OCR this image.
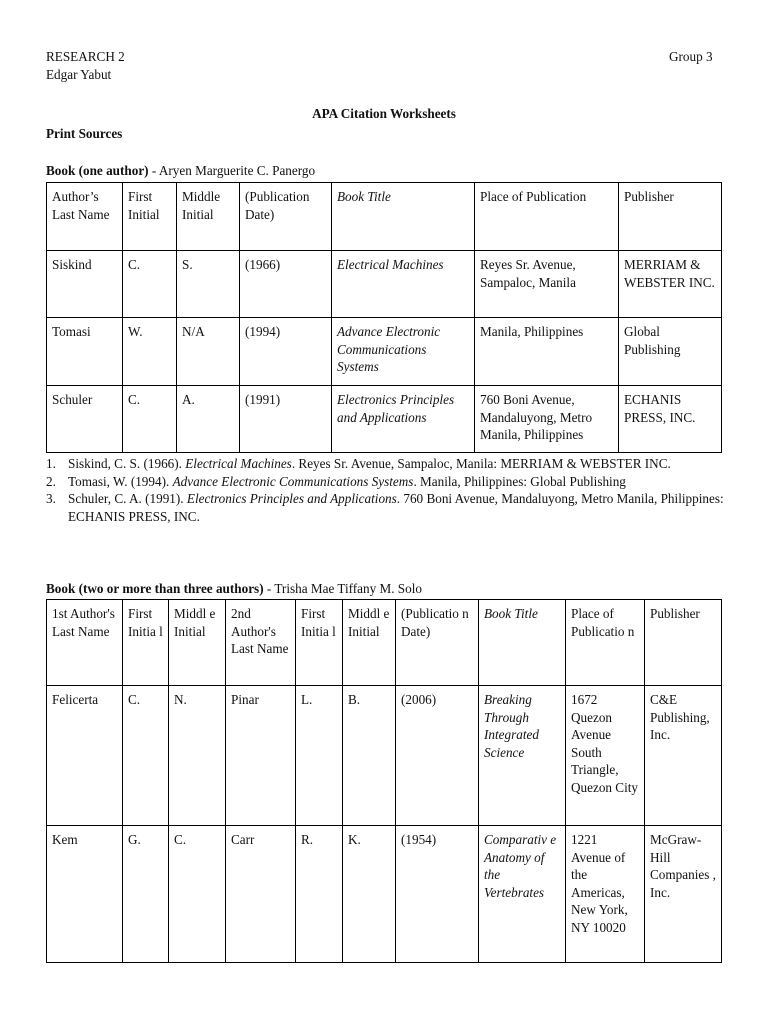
RESEARCH 2
Edgar Yabut
Group 3
APA Citation Worksheets
Print Sources
Book (one author) - Aryen Marguerite C. Panergo
Author’s Last Name	First Initial	Middle Initial	(Publication Date)	Book Title	Place of Publication	Publisher
Siskind	C.	S.	(1966)	Electrical Machines	Reyes Sr. Avenue, Sampaloc, Manila	MERRIAM & WEBSTER INC.
Tomasi	W.	N/A	(1994)	Advance Electronic Communications Systems	Manila, Philippines	Global Publishing
Schuler	C.	A.	(1991)	Electronics Principles and Applications	760 Boni Avenue, Mandaluyong, Metro Manila, Philippines	ECHANIS PRESS, INC.
1. Siskind, C. S. (1966). Electrical Machines. Reyes Sr. Avenue, Sampaloc, Manila: MERRIAM & WEBSTER INC.
2. Tomasi, W. (1994). Advance Electronic Communications Systems. Manila, Philippines: Global Publishing
3. Schuler, C. A. (1991). Electronics Principles and Applications. 760 Boni Avenue, Mandaluyong, Metro Manila, Philippines: ECHANIS PRESS, INC.
Book (two or more than three authors) - Trisha Mae Tiffany M. Solo
1st Author's Last Name	First Initia l	Middl e Initial	2nd Author's Last Name	First Initia l	Middl e Initial	(Publicatio n Date)	Book Title	Place of Publicatio n	Publisher
Felicerta	C.	N.	Pinar	L.	B.	(2006)	Breaking Through Integrated Science	1672 Quezon Avenue South Triangle, Quezon City	C&E Publishing, Inc.
Kem	G.	C.	Carr	R.	K.	(1954)	Comparativ e Anatomy of the Vertebrates	1221 Avenue of the Americas, New York, NY 10020	McGraw-Hill Companies , Inc.
